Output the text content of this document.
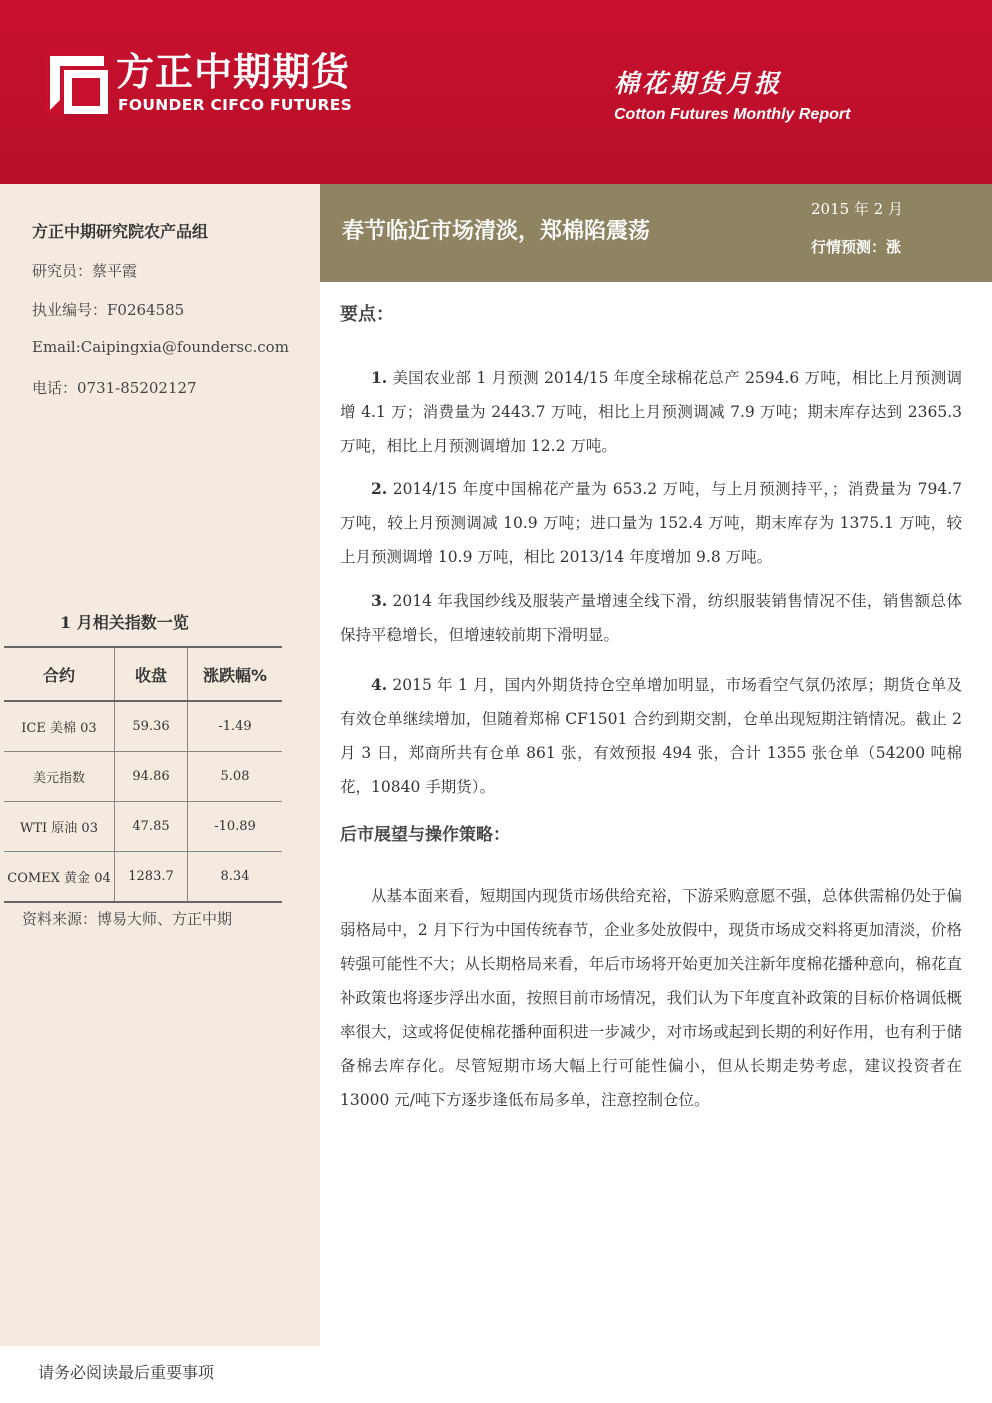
方正中期期货
FOUNDER CIFCO FUTURES
棉花期货月报
Cotton Futures Monthly Report
方正中期研究院农产品组
研究员：蔡平霞
执业编号：F0264585
Email:Caipingxia@foundersc.com
电话：0731-85202127
1 月相关指数一览
合约	收盘	涨跌幅%
ICE 美棉 03	59.36	-1.49
美元指数	94.86	5.08
WTI 原油 03	47.85	-10.89
COMEX 黄金 04	1283.7	8.34
资料来源：博易大师、方正中期
请务必阅读最后重要事项
春节临近市场清淡，郑棉陷震荡
2015 年 2 月
行情预测：涨
要点：

1. 美国农业部 1 月预测 2014/15 年度全球棉花总产 2594.6 万吨，相比上月预测调增 4.1 万；消费量为 2443.7 万吨，相比上月预测调减 7.9 万吨；期末库存达到 2365.3 万吨，相比上月预测调增加 12.2 万吨。

2. 2014/15 年度中国棉花产量为 653.2 万吨，与上月预测持平，；消费量为 794.7 万吨，较上月预测调减 10.9 万吨；进口量为 152.4 万吨，期末库存为 1375.1 万吨，较上月预测调增 10.9 万吨，相比 2013/14 年度增加 9.8 万吨。

3. 2014 年我国纱线及服装产量增速全线下滑，纺织服装销售情况不佳，销售额总体保持平稳增长，但增速较前期下滑明显。

4. 2015 年 1 月，国内外期货持仓空单增加明显，市场看空气氛仍浓厚；期货仓单及有效仓单继续增加，但随着郑棉 CF1501 合约到期交割，仓单出现短期注销情况。截止 2 月 3 日，郑商所共有仓单 861 张，有效预报 494 张，合计 1355 张仓单（54200 吨棉花，10840 手期货）。

后市展望与操作策略：

从基本面来看，短期国内现货市场供给充裕，下游采购意愿不强，总体供需棉仍处于偏弱格局中，2 月下行为中国传统春节，企业多处放假中，现货市场成交料将更加清淡，价格转强可能性不大；从长期格局来看，年后市场将开始更加关注新年度棉花播种意向，棉花直补政策也将逐步浮出水面，按照目前市场情况，我们认为下年度直补政策的目标价格调低概率很大，这或将促使棉花播种面积进一步减少，对市场或起到长期的利好作用，也有利于储备棉去库存化。尽管短期市场大幅上行可能性偏小，但从长期走势考虑，建议投资者在 13000 元/吨下方逐步逢低布局多单，注意控制仓位。
